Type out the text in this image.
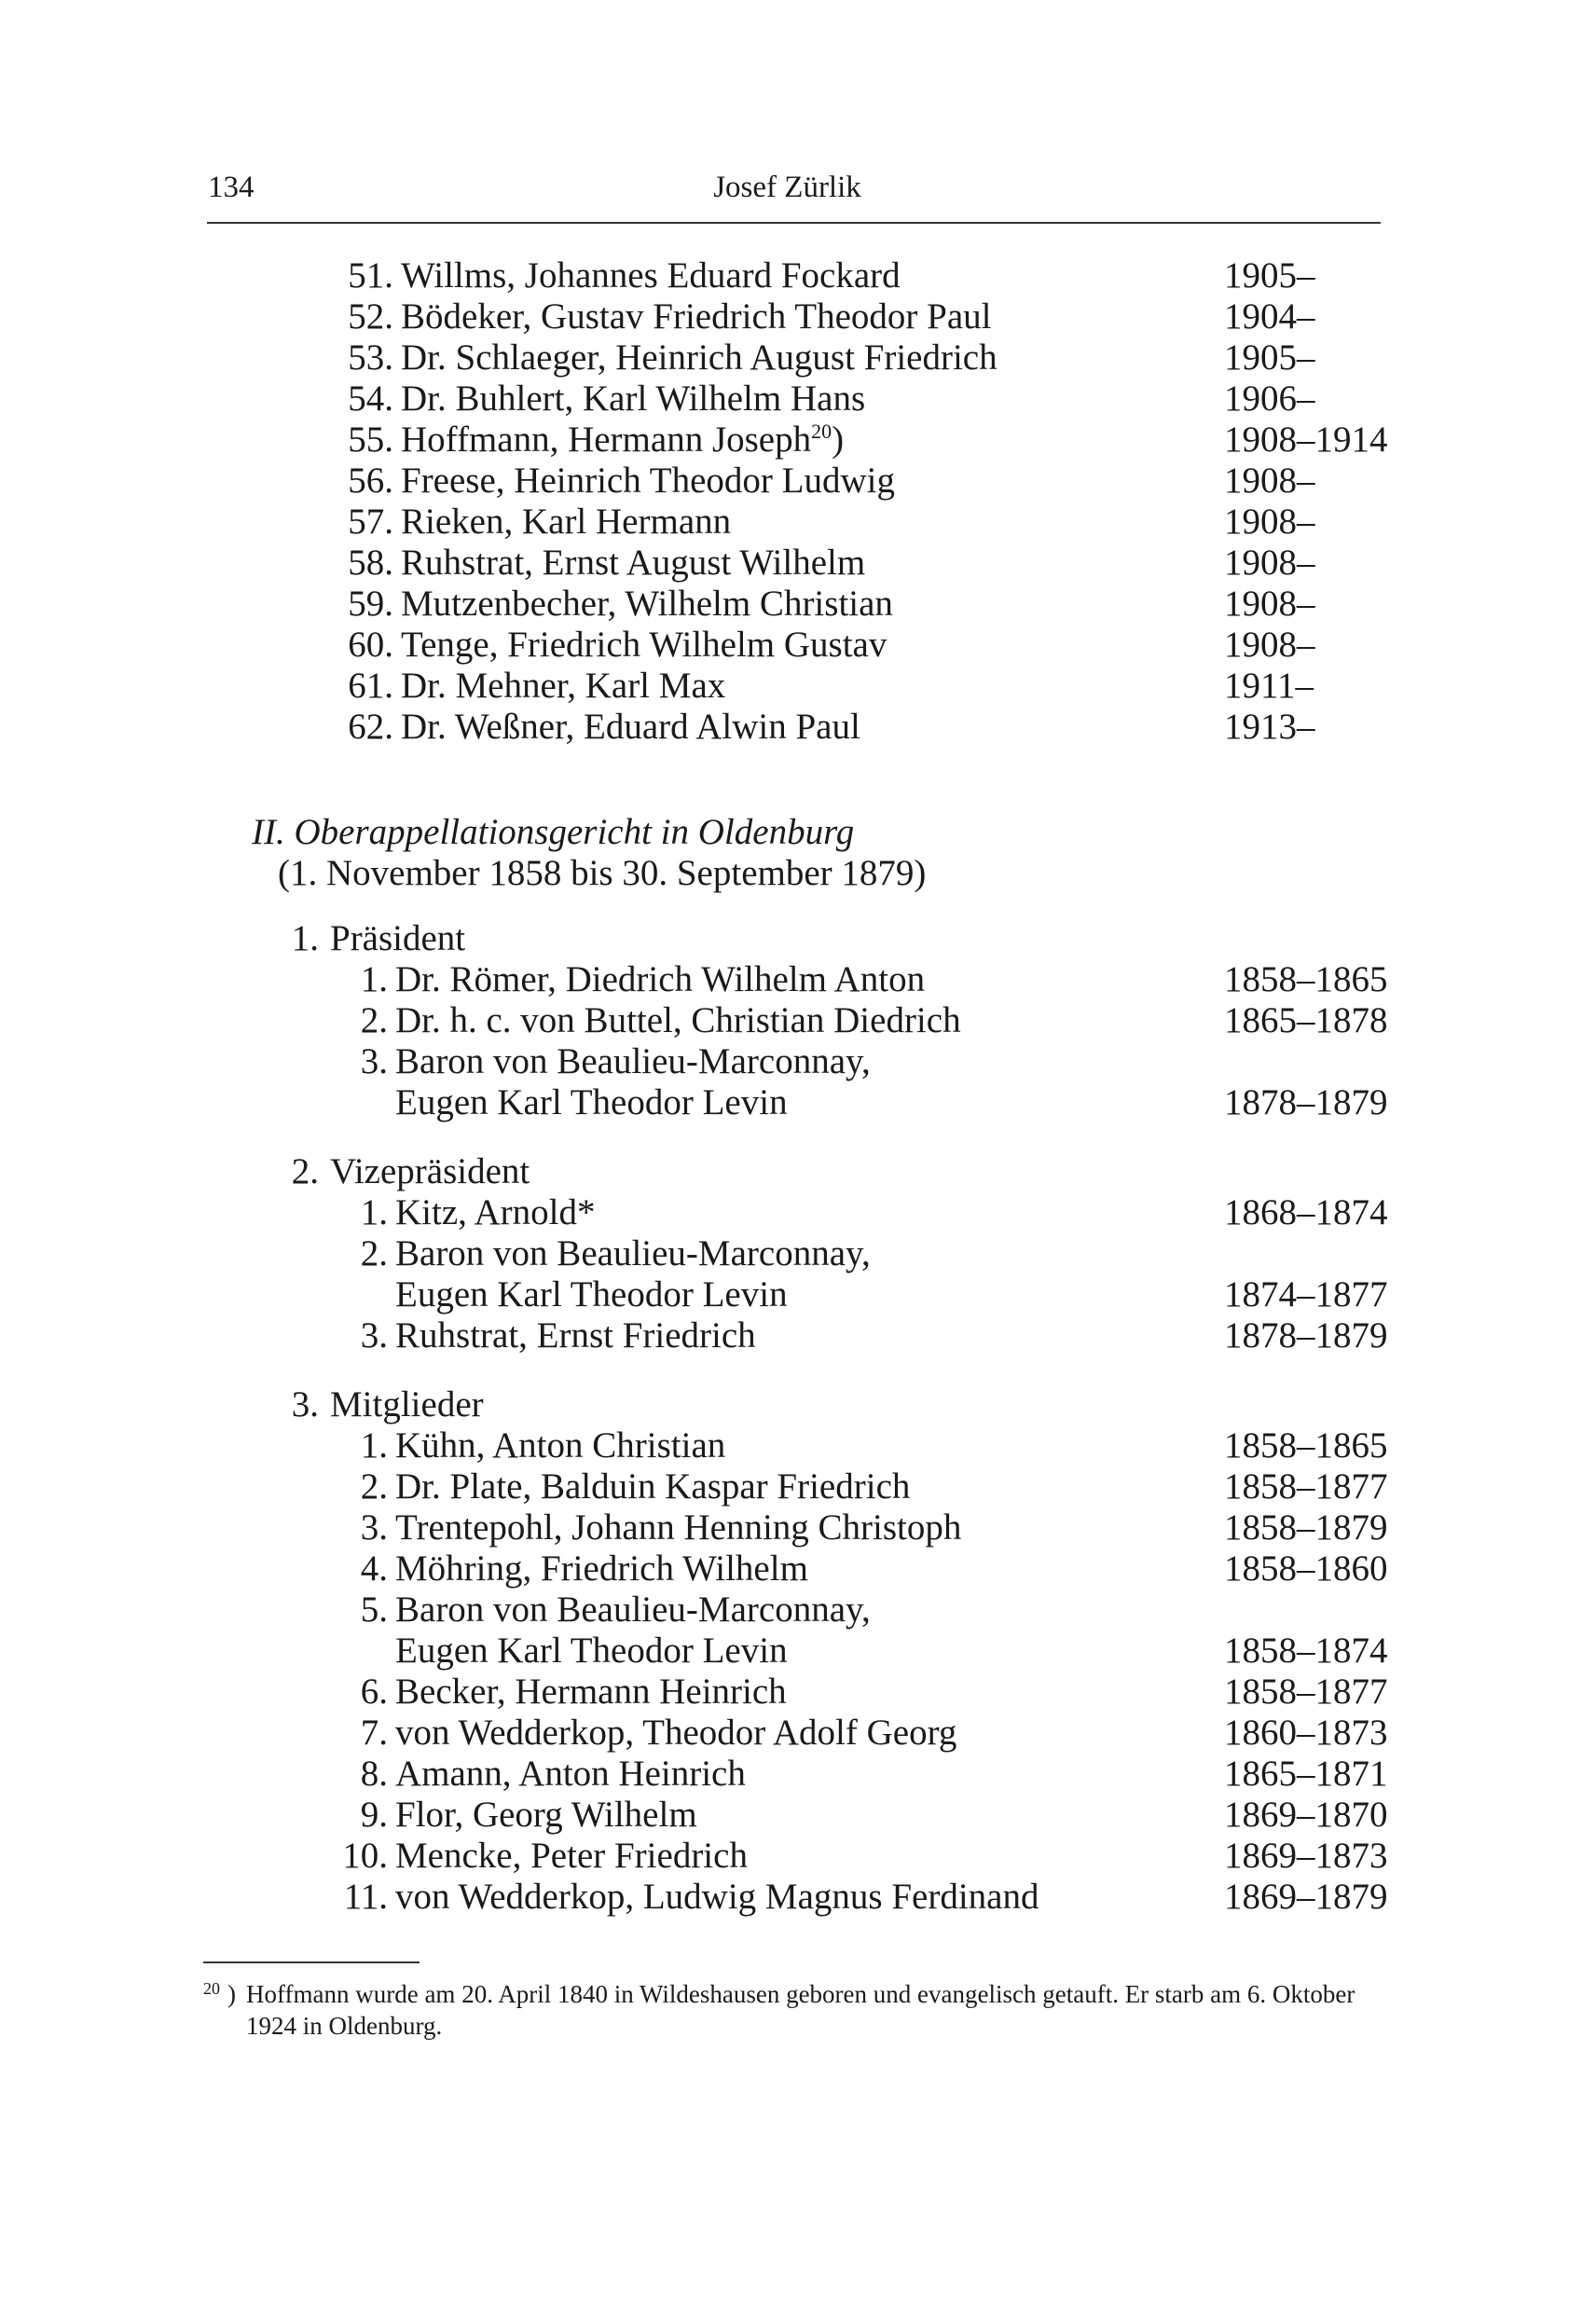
134	Josef Zürlik
51. Willms, Johannes Eduard Fockard	1905–
52. Bödeker, Gustav Friedrich Theodor Paul	1904–
53. Dr. Schlaeger, Heinrich August Friedrich	1905–
54. Dr. Buhlert, Karl Wilhelm Hans	1906–
55. Hoffmann, Hermann Joseph$^{20}$)	1908–1914
56. Freese, Heinrich Theodor Ludwig	1908–
57. Rieken, Karl Hermann	1908–
58. Ruhstrat, Ernst August Wilhelm	1908–
59. Mutzenbecher, Wilhelm Christian	1908–
60. Tenge, Friedrich Wilhelm Gustav	1908–
61. Dr. Mehner, Karl Max	1911–
62. Dr. Weßner, Eduard Alwin Paul	1913–
II. Oberappellationsgericht in Oldenburg
(1. November 1858 bis 30. September 1879)
1. Präsident
1. Dr. Römer, Diedrich Wilhelm Anton	1858–1865
2. Dr. h. c. von Buttel, Christian Diedrich	1865–1878
3. Baron von Beaulieu-Marconnay,
Eugen Karl Theodor Levin	1878–1879
2. Vizepräsident
1. Kitz, Arnold*	1868–1874
2. Baron von Beaulieu-Marconnay,
Eugen Karl Theodor Levin	1874–1877
3. Ruhstrat, Ernst Friedrich	1878–1879
3. Mitglieder
1. Kühn, Anton Christian	1858–1865
2. Dr. Plate, Balduin Kaspar Friedrich	1858–1877
3. Trentepohl, Johann Henning Christoph	1858–1879
4. Möhring, Friedrich Wilhelm	1858–1860
5. Baron von Beaulieu-Marconnay,
Eugen Karl Theodor Levin	1858–1874
6. Becker, Hermann Heinrich	1858–1877
7. von Wedderkop, Theodor Adolf Georg	1860–1873
8. Amann, Anton Heinrich	1865–1871
9. Flor, Georg Wilhelm	1869–1870
10. Mencke, Peter Friedrich	1869–1873
11. von Wedderkop, Ludwig Magnus Ferdinand	1869–1879
20 ) Hoffmann wurde am 20. April 1840 in Wildeshausen geboren und evangelisch getauft. Er starb am 6. Oktober 1924 in Oldenburg.
